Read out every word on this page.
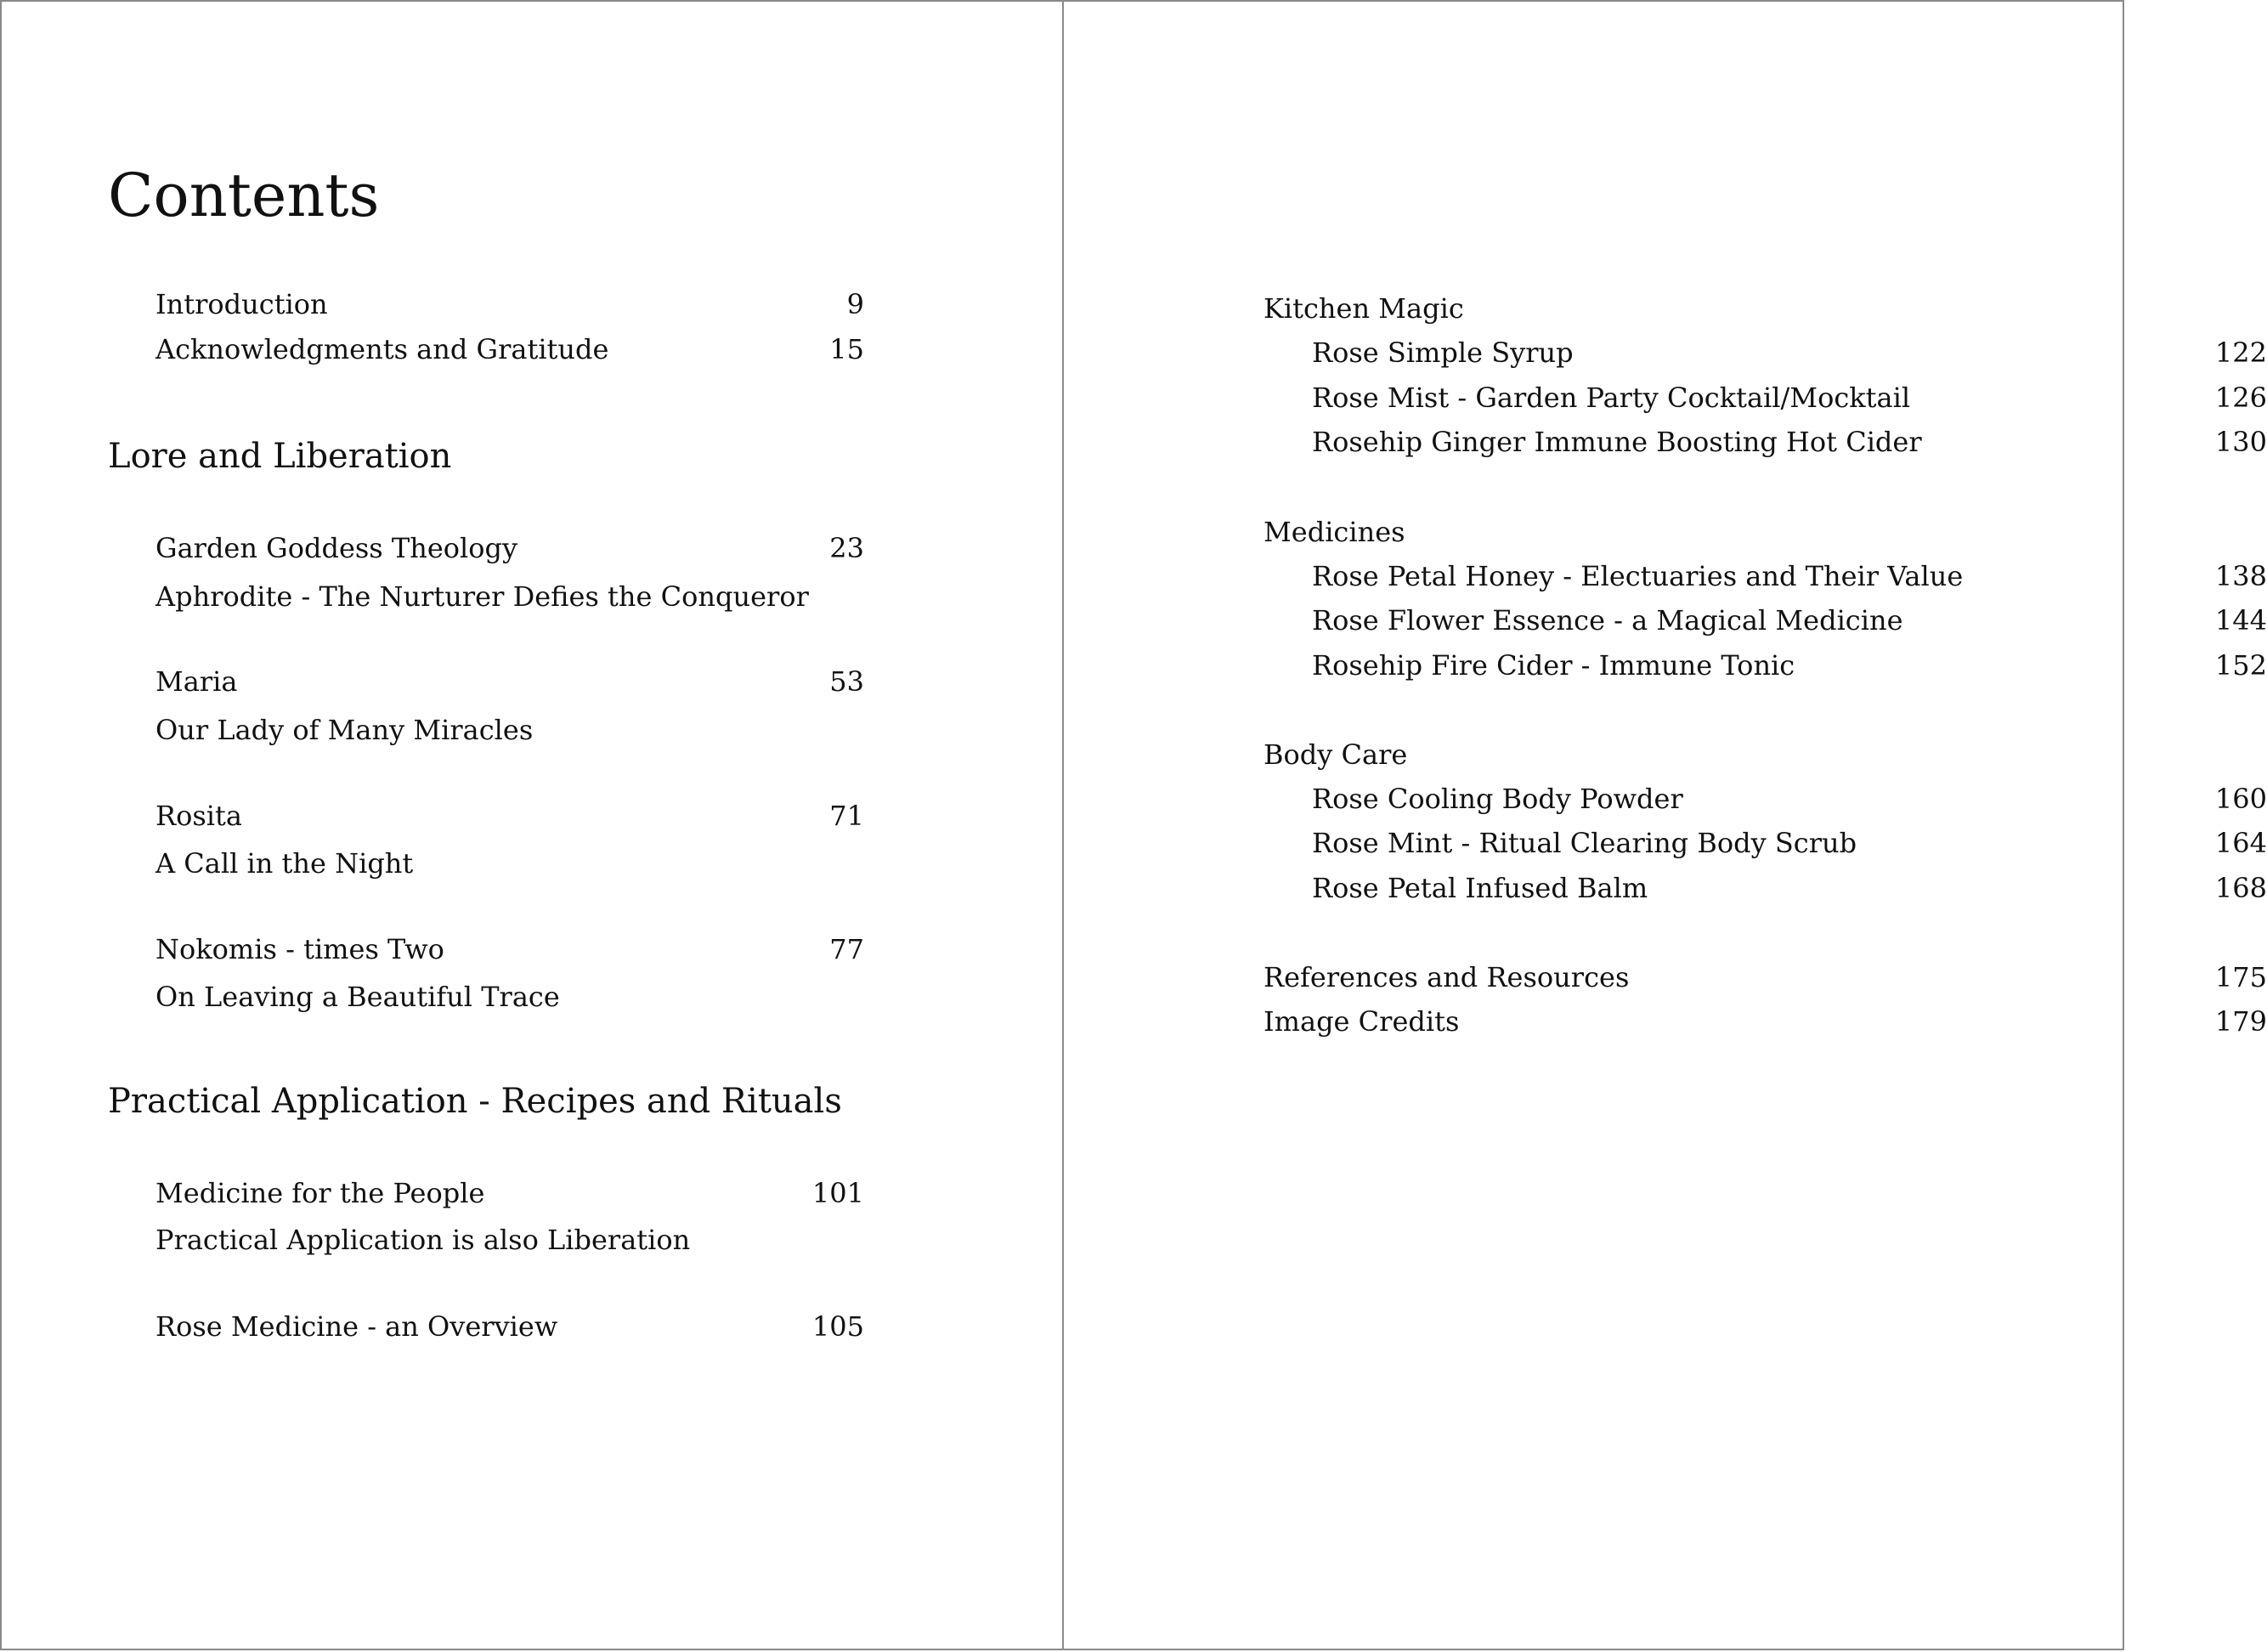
Contents
Introduction	9
Acknowledgments and Gratitude	15
Lore and Liberation
Garden Goddess Theology	23
Aphrodite - The Nurturer Defies the Conqueror
Maria	53
Our Lady of Many Miracles
Rosita	71
A Call in the Night
Nokomis - times Two	77
On Leaving a Beautiful Trace
Practical Application - Recipes and Rituals
Medicine for the People	101
Practical Application is also Liberation
Rose Medicine - an Overview	105
Kitchen Magic
Rose Simple Syrup	122
Rose Mist - Garden Party Cocktail/Mocktail	126
Rosehip Ginger Immune Boosting Hot Cider	130
Medicines
Rose Petal Honey - Electuaries and Their Value	138
Rose Flower Essence - a Magical Medicine	144
Rosehip Fire Cider - Immune Tonic	152
Body Care
Rose Cooling Body Powder	160
Rose Mint - Ritual Clearing Body Scrub	164
Rose Petal Infused Balm	168
References and Resources	175
Image Credits	179
